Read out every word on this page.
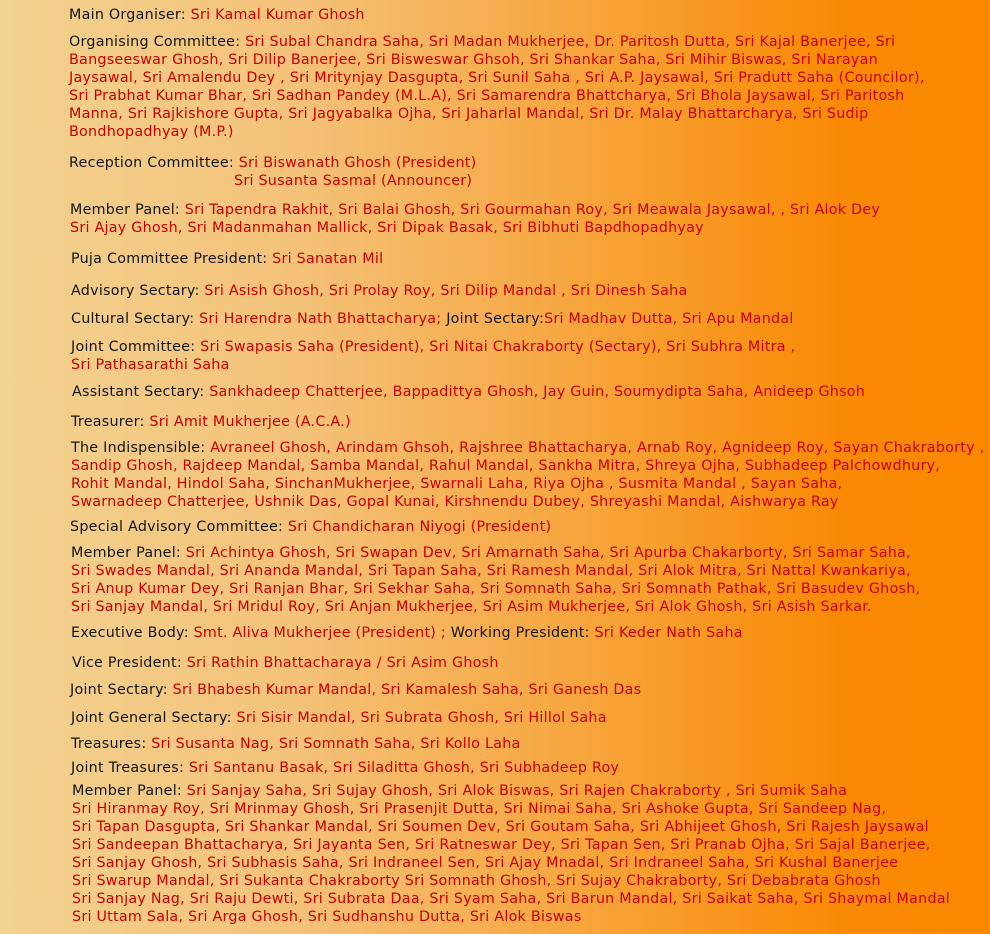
Main Organiser: Sri Kamal Kumar Ghosh
Organising Committee: Sri Subal Chandra Saha, Sri Madan Mukherjee, Dr. Paritosh Dutta, Sri Kajal Banerjee, Sri
Bangseeswar Ghosh, Sri Dilip Banerjee, Sri Bisweswar Ghsoh, Sri Shankar Saha, Sri Mihir Biswas, Sri Narayan
Jaysawal, Sri Amalendu Dey , Sri Mritynjay Dasgupta, Sri Sunil Saha , Sri A.P. Jaysawal, Sri Pradutt Saha (Councilor),
Sri Prabhat Kumar Bhar, Sri Sadhan Pandey (M.L.A), Sri Samarendra Bhattcharya, Sri Bhola Jaysawal, Sri Paritosh
Manna, Sri Rajkishore Gupta, Sri Jagyabalka Ojha, Sri Jaharlal Mandal, Sri Dr. Malay Bhattarcharya, Sri Sudip
Bondhopadhyay (M.P.)
Reception Committee: Sri Biswanath Ghosh (President)
Sri Susanta Sasmal (Announcer)
Member Panel: Sri Tapendra Rakhit, Sri Balai Ghosh, Sri Gourmahan Roy, Sri Meawala Jaysawal, , Sri Alok Dey
Sri Ajay Ghosh, Sri Madanmahan Mallick, Sri Dipak Basak, Sri Bibhuti Bapdhopadhyay
Puja Committee President: Sri Sanatan Mil
Advisory Sectary: Sri Asish Ghosh, Sri Prolay Roy, Sri Dilip Mandal , Sri Dinesh Saha
Cultural Sectary: Sri Harendra Nath Bhattacharya; Joint Sectary:Sri Madhav Dutta, Sri Apu Mandal
Joint Committee: Sri Swapasis Saha (President), Sri Nitai Chakraborty (Sectary), Sri Subhra Mitra ,
Sri Pathasarathi Saha
Assistant Sectary: Sankhadeep Chatterjee, Bappadittya Ghosh, Jay Guin, Soumydipta Saha, Anideep Ghsoh
Treasurer: Sri Amit Mukherjee (A.C.A.)
The Indispensible: Avraneel Ghosh, Arindam Ghsoh, Rajshree Bhattacharya, Arnab Roy, Agnideep Roy, Sayan Chakraborty ,
Sandip Ghosh, Rajdeep Mandal, Samba Mandal, Rahul Mandal, Sankha Mitra, Shreya Ojha, Subhadeep Palchowdhury,
Rohit Mandal, Hindol Saha, SinchanMukherjee, Swarnali Laha, Riya Ojha , Susmita Mandal , Sayan Saha,
Swarnadeep Chatterjee, Ushnik Das, Gopal Kunai, Kirshnendu Dubey, Shreyashi Mandal, Aishwarya Ray
Special Advisory Committee: Sri Chandicharan Niyogi (President)
Member Panel: Sri Achintya Ghosh, Sri Swapan Dev, Sri Amarnath Saha, Sri Apurba Chakarborty, Sri Samar Saha,
Sri Swades Mandal, Sri Ananda Mandal, Sri Tapan Saha, Sri Ramesh Mandal, Sri Alok Mitra, Sri Nattal Kwankariya,
Sri Anup Kumar Dey, Sri Ranjan Bhar, Sri Sekhar Saha, Sri Somnath Saha, Sri Somnath Pathak, Sri Basudev Ghosh,
Sri Sanjay Mandal, Sri Mridul Roy, Sri Anjan Mukherjee, Sri Asim Mukherjee, Sri Alok Ghosh, Sri Asish Sarkar.
Executive Body: Smt. Aliva Mukherjee (President) ; Working President: Sri Keder Nath Saha
Vice President: Sri Rathin Bhattacharaya / Sri Asim Ghosh
Joint Sectary: Sri Bhabesh Kumar Mandal, Sri Kamalesh Saha, Sri Ganesh Das
Joint General Sectary: Sri Sisir Mandal, Sri Subrata Ghosh, Sri Hillol Saha
Treasures: Sri Susanta Nag, Sri Somnath Saha, Sri Kollo Laha
Joint Treasures: Sri Santanu Basak, Sri Siladitta Ghosh, Sri Subhadeep Roy
Member Panel: Sri Sanjay Saha, Sri Sujay Ghosh, Sri Alok Biswas, Sri Rajen Chakraborty , Sri Sumik Saha
Sri Hiranmay Roy, Sri Mrinmay Ghosh, Sri Prasenjit Dutta, Sri Nimai Saha, Sri Ashoke Gupta, Sri Sandeep Nag,
Sri Tapan Dasgupta, Sri Shankar Mandal, Sri Soumen Dev, Sri Goutam Saha, Sri Abhijeet Ghosh, Sri Rajesh Jaysawal
Sri Sandeepan Bhattacharya, Sri Jayanta Sen, Sri Ratneswar Dey, Sri Tapan Sen, Sri Pranab Ojha, Sri Sajal Banerjee,
Sri Sanjay Ghosh, Sri Subhasis Saha, Sri Indraneel Sen, Sri Ajay Mnadal, Sri Indraneel Saha, Sri Kushal Banerjee
Sri Swarup Mandal, Sri Sukanta Chakraborty Sri Somnath Ghosh, Sri Sujay Chakraborty, Sri Debabrata Ghosh
Sri Sanjay Nag, Sri Raju Dewti, Sri Subrata Daa, Sri Syam Saha, Sri Barun Mandal, Sri Saikat Saha, Sri Shaymal Mandal
Sri Uttam Sala, Sri Arga Ghosh, Sri Sudhanshu Dutta, Sri Alok Biswas
